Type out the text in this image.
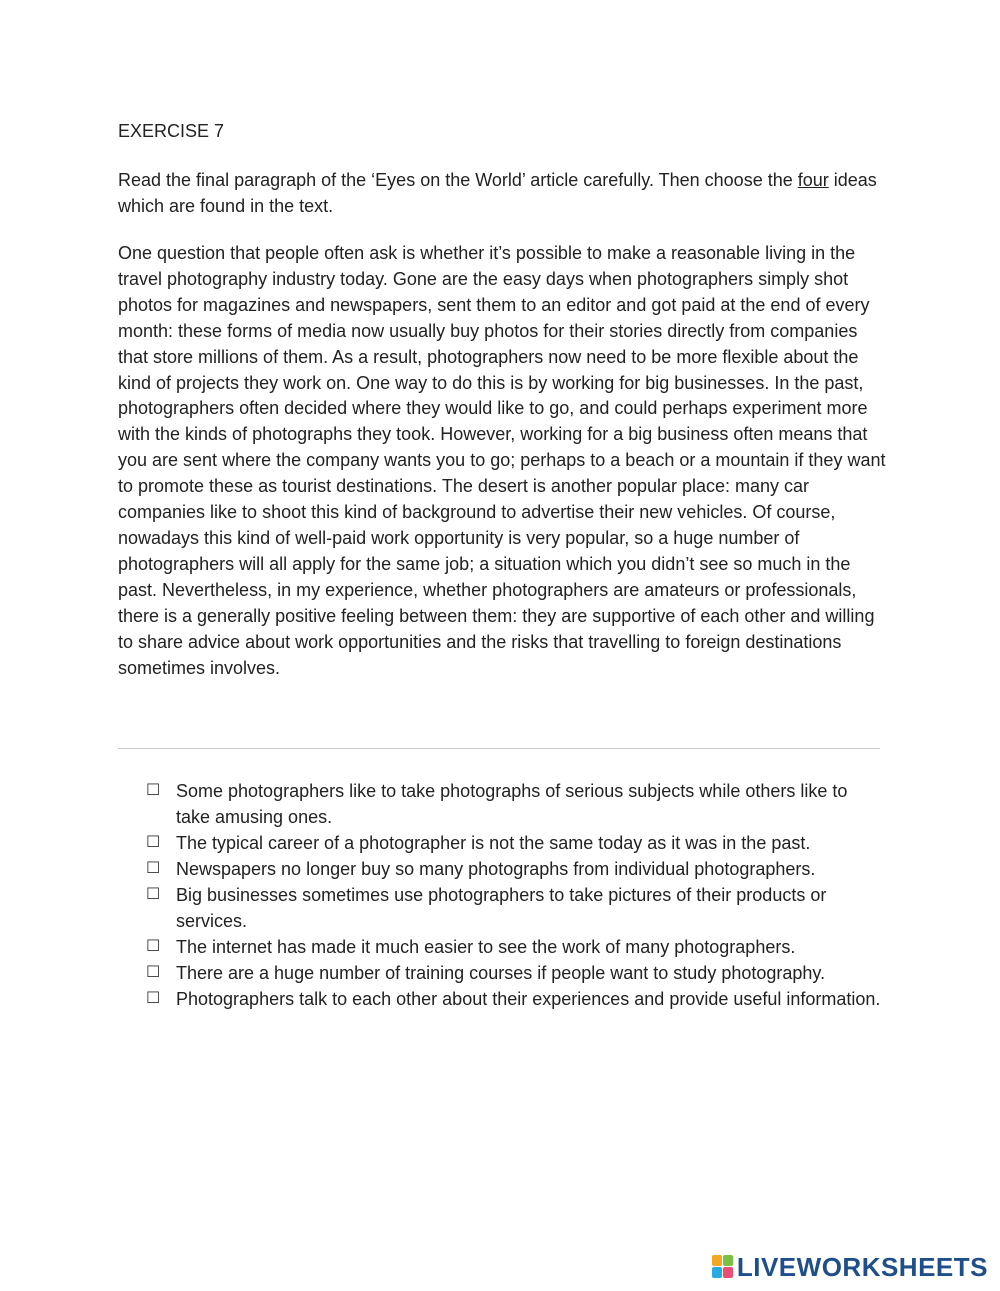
EXERCISE 7

Read the final paragraph of the ‘Eyes on the World’ article carefully. Then choose the four ideas which are found in the text.

One question that people often ask is whether it’s possible to make a reasonable living in the travel photography industry today. Gone are the easy days when photographers simply shot photos for magazines and newspapers, sent them to an editor and got paid at the end of every month: these forms of media now usually buy photos for their stories directly from companies that store millions of them. As a result, photographers now need to be more flexible about the kind of projects they work on. One way to do this is by working for big businesses. In the past, photographers often decided where they would like to go, and could perhaps experiment more with the kinds of photographs they took. However, working for a big business often means that you are sent where the company wants you to go; perhaps to a beach or a mountain if they want to promote these as tourist destinations. The desert is another popular place: many car companies like to shoot this kind of background to advertise their new vehicles. Of course, nowadays this kind of well-paid work opportunity is very popular, so a huge number of photographers will all apply for the same job; a situation which you didn’t see so much in the past. Nevertheless, in my experience, whether photographers are amateurs or professionals, there is a generally positive feeling between them: they are supportive of each other and willing to share advice about work opportunities and the risks that travelling to foreign destinations sometimes involves.

☐ Some photographers like to take photographs of serious subjects while others like to take amusing ones.
☐ The typical career of a photographer is not the same today as it was in the past.
☐ Newspapers no longer buy so many photographs from individual photographers.
☐ Big businesses sometimes use photographers to take pictures of their products or services.
☐ The internet has made it much easier to see the work of many photographers.
☐ There are a huge number of training courses if people want to study photography.
☐ Photographers talk to each other about their experiences and provide useful information.
LIVEWORKSHEETS
